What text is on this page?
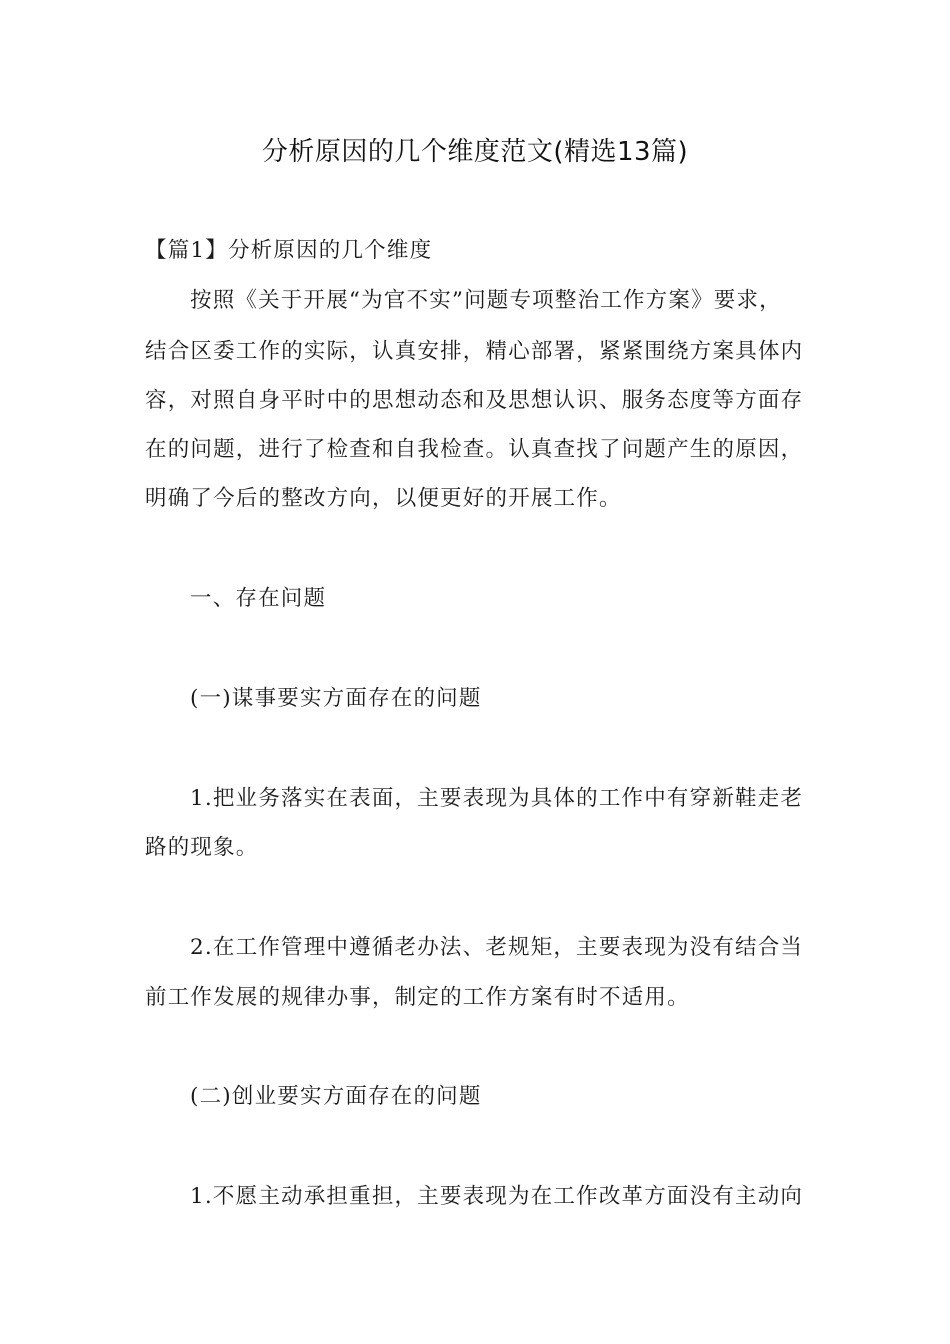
分析原因的几个维度范文(精选13篇)
【篇1】分析原因的几个维度
按照《关于开展“为官不实”问题专项整治工作方案》要求，
结合区委工作的实际，认真安排，精心部署，紧紧围绕方案具体内
容，对照自身平时中的思想动态和及思想认识、服务态度等方面存
在的问题，进行了检查和自我检查。认真查找了问题产生的原因，
明确了今后的整改方向，以便更好的开展工作。
一、存在问题
(一)谋事要实方面存在的问题
1.把业务落实在表面，主要表现为具体的工作中有穿新鞋走老
路的现象。
2.在工作管理中遵循老办法、老规矩，主要表现为没有结合当
前工作发展的规律办事，制定的工作方案有时不适用。
(二)创业要实方面存在的问题
1.不愿主动承担重担，主要表现为在工作改革方面没有主动向
